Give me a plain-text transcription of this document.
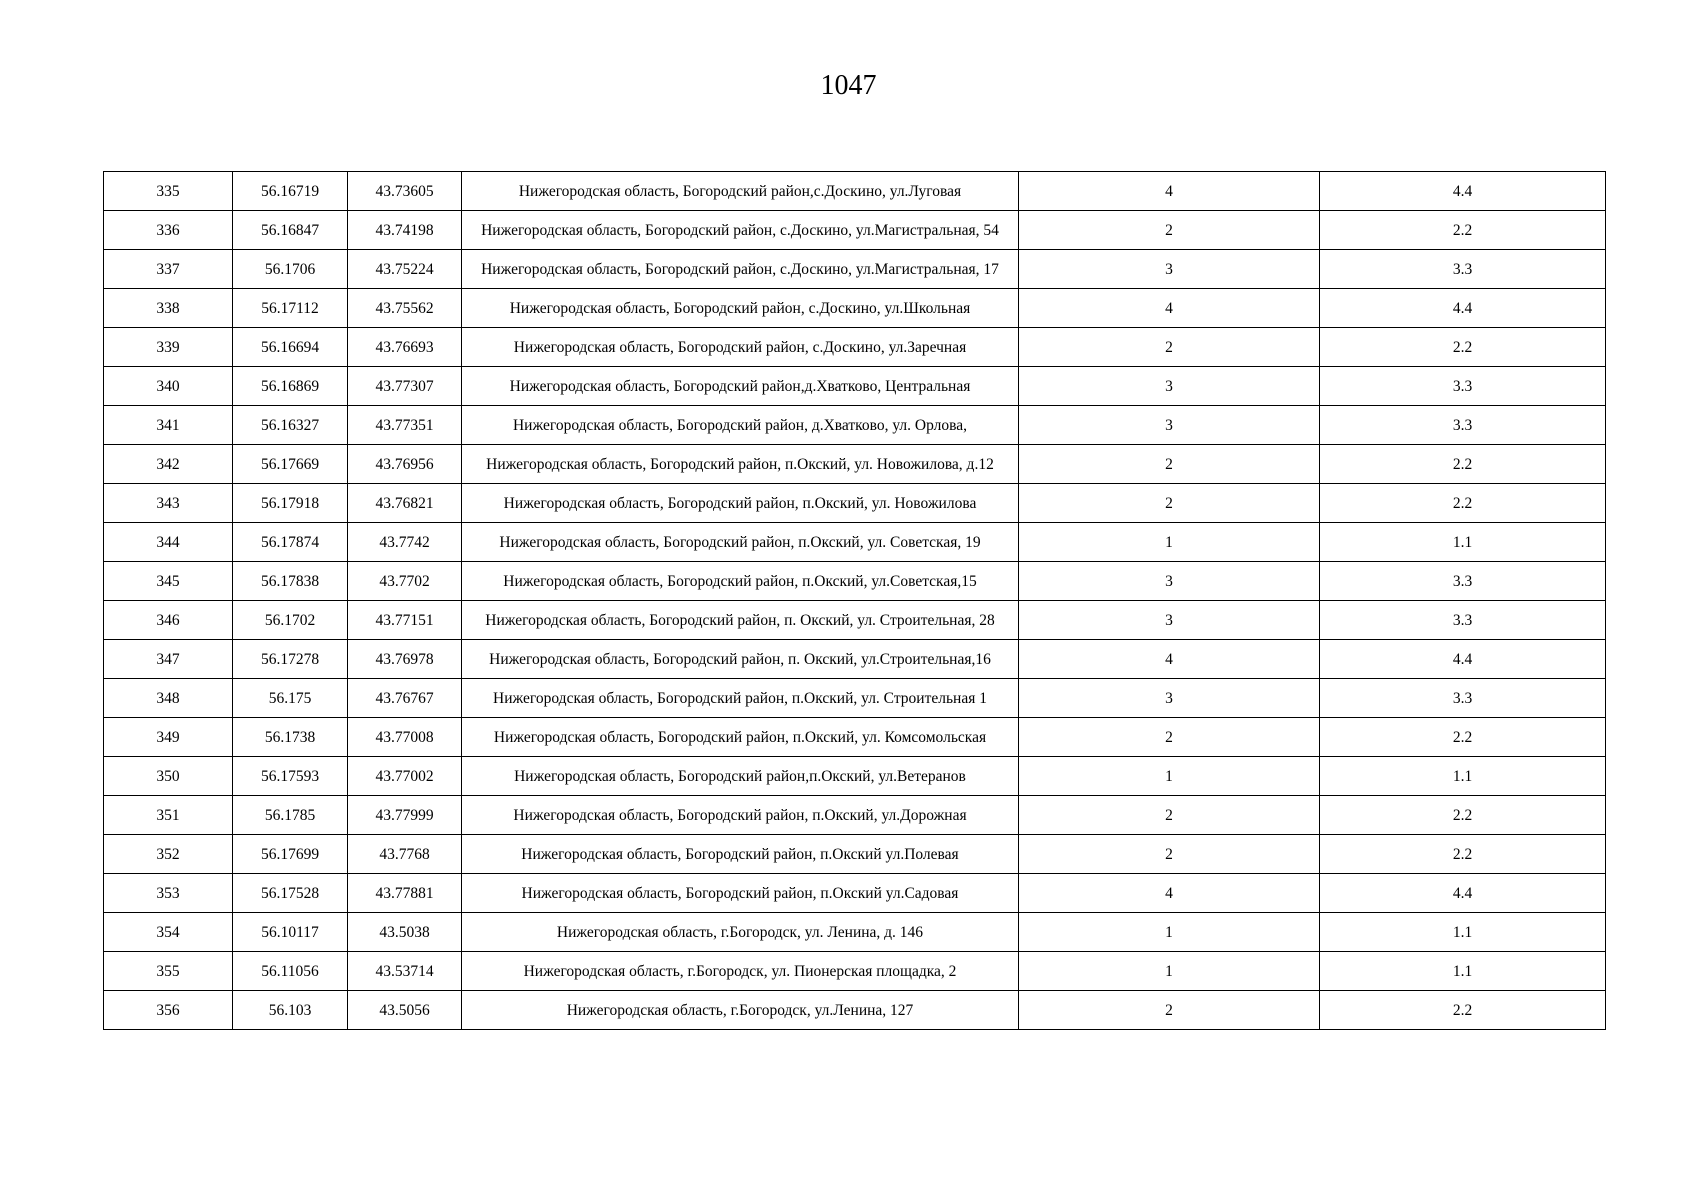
1047
335	56.16719	43.73605	Нижегородская область, Богородский район,с.Доскино, ул.Луговая	4	4.4
336	56.16847	43.74198	Нижегородская область, Богородский район, с.Доскино, ул.Магистральная, 54	2	2.2
337	56.1706	43.75224	Нижегородская область, Богородский район, с.Доскино, ул.Магистральная, 17	3	3.3
338	56.17112	43.75562	Нижегородская область, Богородский район, с.Доскино, ул.Школьная	4	4.4
339	56.16694	43.76693	Нижегородская область, Богородский район, с.Доскино, ул.Заречная	2	2.2
340	56.16869	43.77307	Нижегородская область, Богородский район,д.Хватково, Центральная	3	3.3
341	56.16327	43.77351	Нижегородская область, Богородский район, д.Хватково, ул. Орлова,	3	3.3
342	56.17669	43.76956	Нижегородская область, Богородский район, п.Окский, ул. Новожилова, д.12	2	2.2
343	56.17918	43.76821	Нижегородская область, Богородский район, п.Окский, ул. Новожилова	2	2.2
344	56.17874	43.7742	Нижегородская область, Богородский район, п.Окский, ул. Советская, 19	1	1.1
345	56.17838	43.7702	Нижегородская область, Богородский район, п.Окский, ул.Советская,15	3	3.3
346	56.1702	43.77151	Нижегородская область, Богородский район, п. Окский, ул. Строительная, 28	3	3.3
347	56.17278	43.76978	Нижегородская область, Богородский район, п. Окский, ул.Строительная,16	4	4.4
348	56.175	43.76767	Нижегородская область, Богородский район, п.Окский, ул. Строительная 1	3	3.3
349	56.1738	43.77008	Нижегородская область, Богородский район, п.Окский, ул. Комсомольская	2	2.2
350	56.17593	43.77002	Нижегородская область, Богородский район,п.Окский, ул.Ветеранов	1	1.1
351	56.1785	43.77999	Нижегородская область, Богородский район, п.Окский, ул.Дорожная	2	2.2
352	56.17699	43.7768	Нижегородская область, Богородский район, п.Окский ул.Полевая	2	2.2
353	56.17528	43.77881	Нижегородская область, Богородский район, п.Окский ул.Садовая	4	4.4
354	56.10117	43.5038	Нижегородская область, г.Богородск, ул. Ленина, д. 146	1	1.1
355	56.11056	43.53714	Нижегородская область, г.Богородск, ул. Пионерская площадка, 2	1	1.1
356	56.103	43.5056	Нижегородская область, г.Богородск, ул.Ленина, 127	2	2.2
